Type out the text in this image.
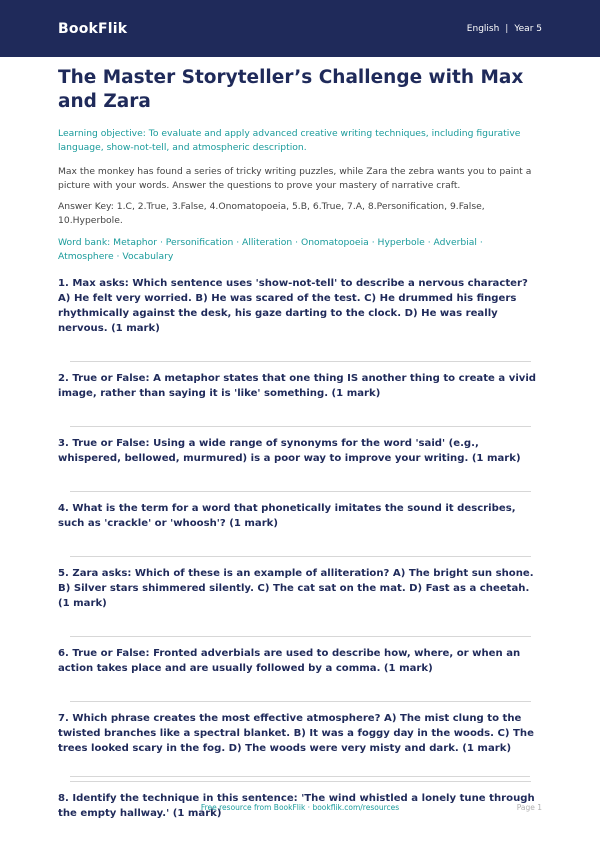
BookFlik	English | Year 5
The Master Storyteller’s Challenge with Max and Zara
Learning objective: To evaluate and apply advanced creative writing techniques, including figurative language, show-not-tell, and atmospheric description.
Max the monkey has found a series of tricky writing puzzles, while Zara the zebra wants you to paint a picture with your words. Answer the questions to prove your mastery of narrative craft.
Answer Key: 1.C, 2.True, 3.False, 4.Onomatopoeia, 5.B, 6.True, 7.A, 8.Personification, 9.False, 10.Hyperbole.
Word bank: Metaphor · Personification · Alliteration · Onomatopoeia · Hyperbole · Adverbial · Atmosphere · Vocabulary
1. Max asks: Which sentence uses 'show-not-tell' to describe a nervous character? A) He felt very worried. B) He was scared of the test. C) He drummed his fingers rhythmically against the desk, his gaze darting to the clock. D) He was really nervous. (1 mark)
2. True or False: A metaphor states that one thing IS another thing to create a vivid image, rather than saying it is 'like' something. (1 mark)
3. True or False: Using a wide range of synonyms for the word 'said' (e.g., whispered, bellowed, murmured) is a poor way to improve your writing. (1 mark)
4. What is the term for a word that phonetically imitates the sound it describes, such as 'crackle' or 'whoosh'? (1 mark)
5. Zara asks: Which of these is an example of alliteration? A) The bright sun shone. B) Silver stars shimmered silently. C) The cat sat on the mat. D) Fast as a cheetah. (1 mark)
6. True or False: Fronted adverbials are used to describe how, where, or when an action takes place and are usually followed by a comma. (1 mark)
7. Which phrase creates the most effective atmosphere? A) The mist clung to the twisted branches like a spectral blanket. B) It was a foggy day in the woods. C) The trees looked scary in the fog. D) The woods were very misty and dark. (1 mark)
8. Identify the technique in this sentence: 'The wind whistled a lonely tune through the empty hallway.' (1 mark)
Free resource from BookFlik · bookflik.com/resources	Page 1
